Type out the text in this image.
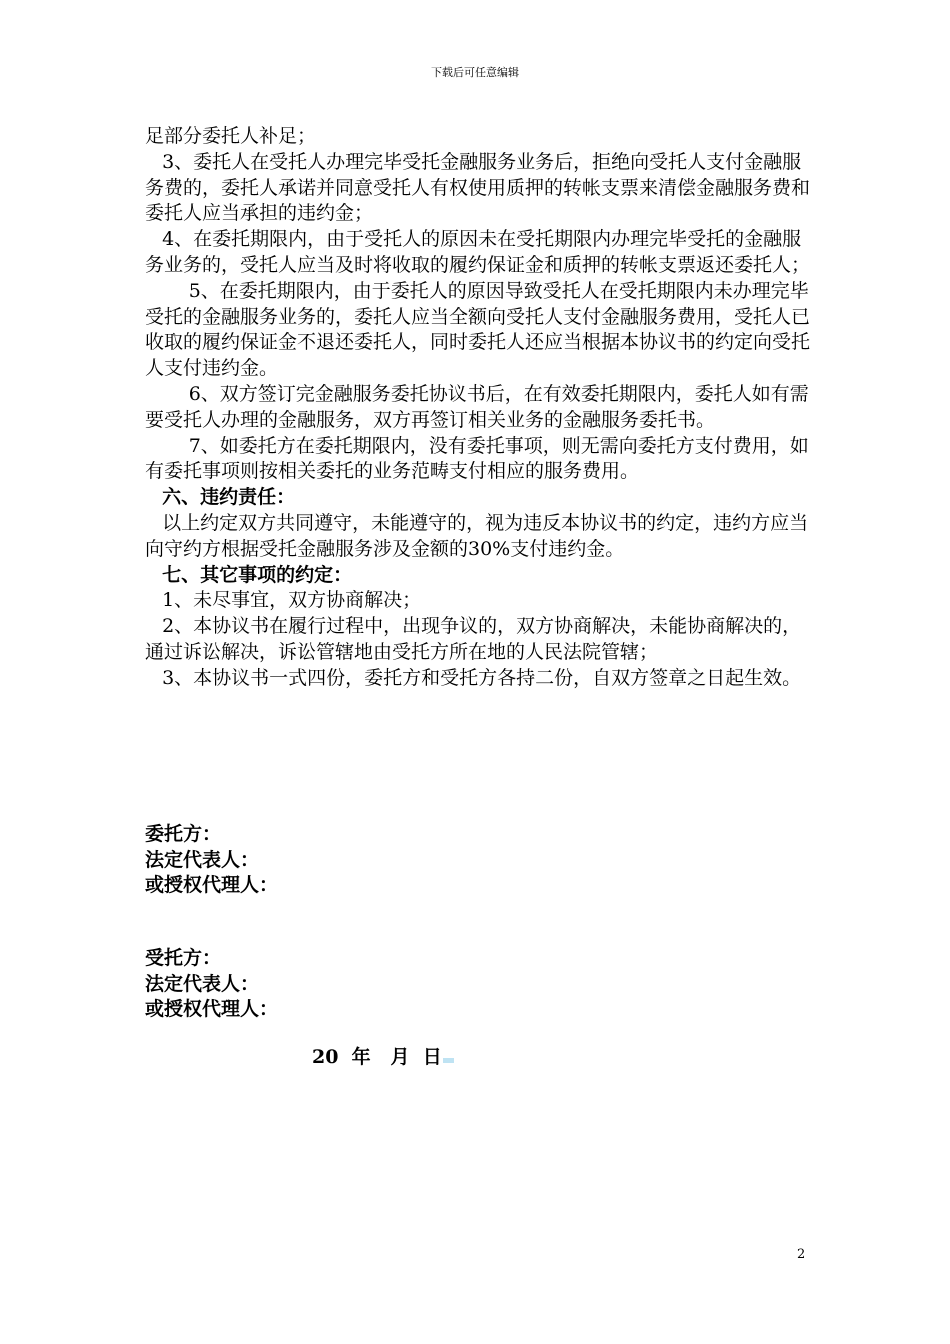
下载后可任意编辑

足部分委托人补足；

3、委托人在受托人办理完毕受托金融服务业务后，拒绝向受托人支付金融服务费的，委托人承诺并同意受托人有权使用质押的转帐支票来清偿金融服务费和委托人应当承担的违约金；

4、在委托期限内，由于受托人的原因未在受托期限内办理完毕受托的金融服务业务的，受托人应当及时将收取的履约保证金和质押的转帐支票返还委托人；

5、在委托期限内，由于委托人的原因导致受托人在受托期限内未办理完毕受托的金融服务业务的，委托人应当全额向受托人支付金融服务费用，受托人已收取的履约保证金不退还委托人，同时委托人还应当根据本协议书的约定向受托人支付违约金。

6、双方签订完金融服务委托协议书后，在有效委托期限内，委托人如有需要受托人办理的金融服务，双方再签订相关业务的金融服务委托书。

7、如委托方在委托期限内，没有委托事项，则无需向委托方支付费用，如有委托事项则按相关委托的业务范畴支付相应的服务费用。

六、违约责任：

以上约定双方共同遵守，未能遵守的，视为违反本协议书的约定，违约方应当向守约方根据受托金融服务涉及金额的30%支付违约金。

七、其它事项的约定：

1、未尽事宜，双方协商解决；

2、本协议书在履行过程中，出现争议的，双方协商解决，未能协商解决的，通过诉讼解决，诉讼管辖地由受托方所在地的人民法院管辖；

3、本协议书一式四份，委托方和受托方各持二份，自双方签章之日起生效。

委托方：

法定代表人：

或授权代理人：

受托方：

法定代表人：

或授权代理人：

20  年   月  日
2
